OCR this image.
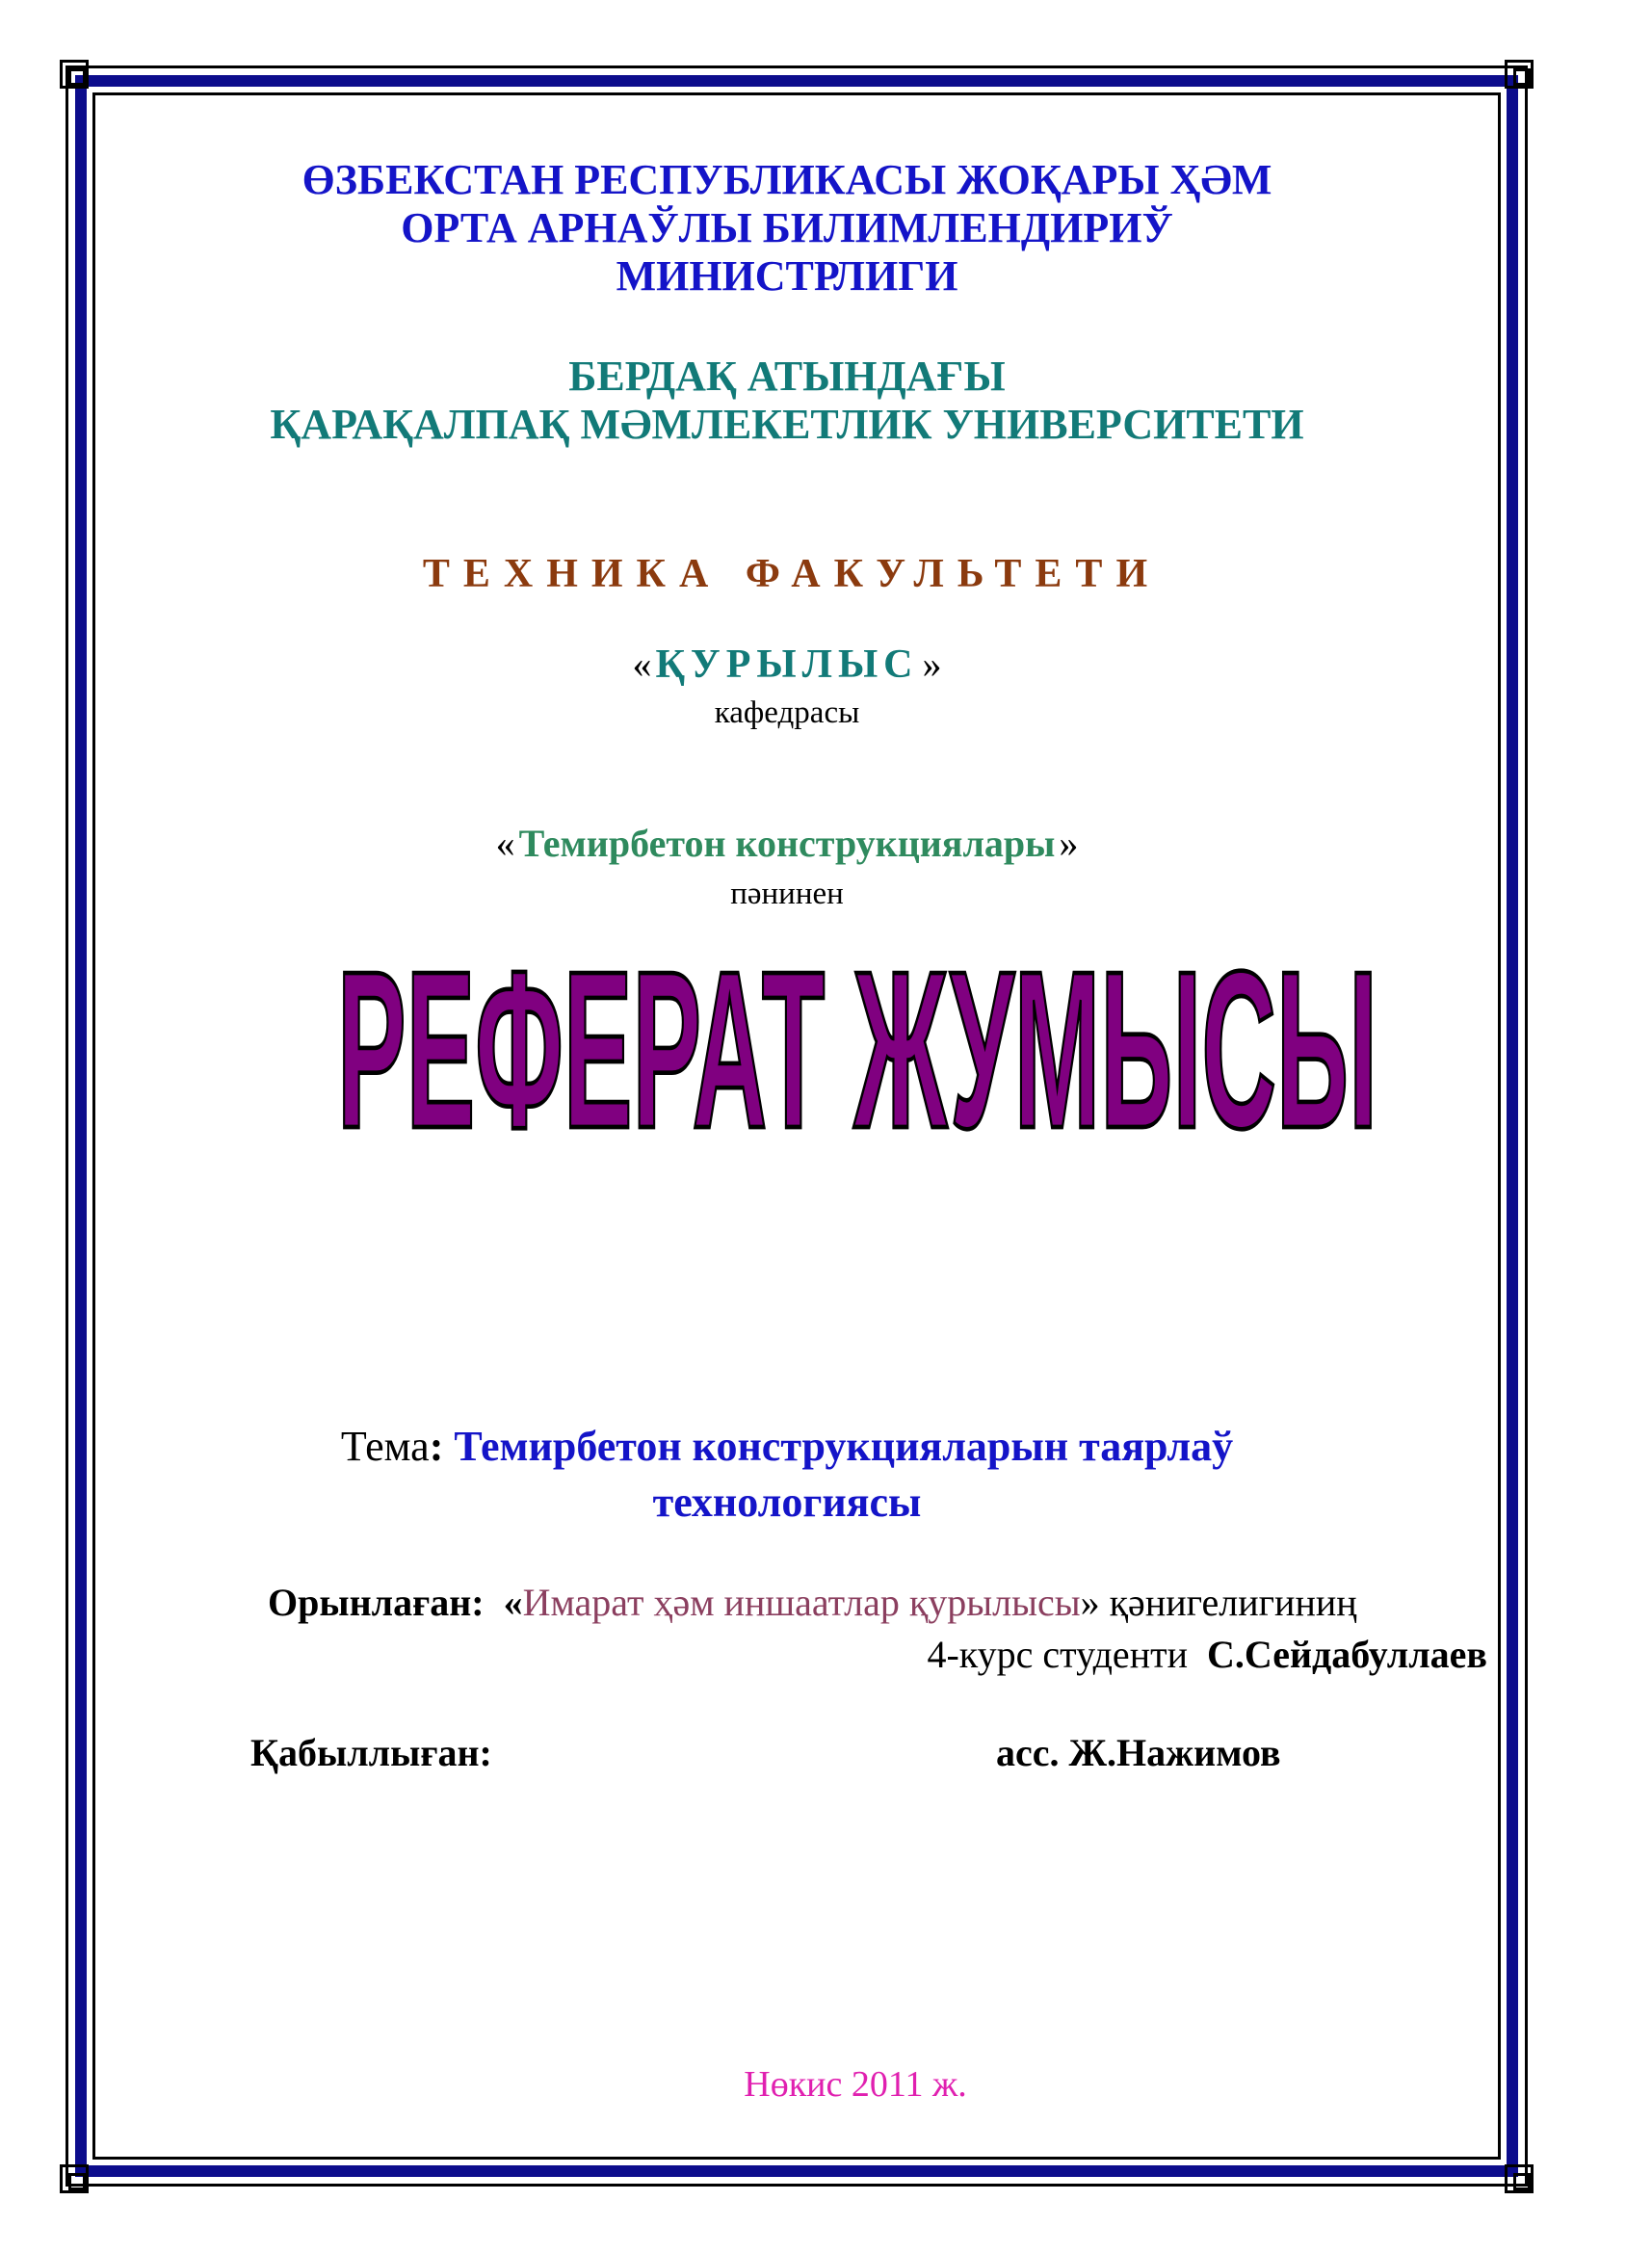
ӨЗБЕКСТАН РЕСПУБЛИКАСЫ ЖОҚАРЫ ҲӘМ
ОРТА АРНАЎЛЫ БИЛИМЛЕНДИРИЎ
МИНИСТРЛИГИ
БЕРДАҚ АТЫНДАҒЫ
ҚАРАҚАЛПАҚ МӘМЛЕКЕТЛИК УНИВЕРСИТЕТИ
ТЕХНИКА ФАКУЛЬТЕТИ
« ҚУРЫЛЫС »
кафедрасы
« Темирбетон конструкциялары »
пәнинен
РЕФЕРАТ ЖУМЫСЫ
Тема: Темирбетон конструкцияларын таярлаў
технологиясы
Орынлаған: «Имарат ҳәм иншаатлар қурылысы» қәнигелигиниң
4-курс студенти С.Сейдабуллаев
Қабыллыған:	асс. Ж.Нажимов
Нөкис 2011 ж.
